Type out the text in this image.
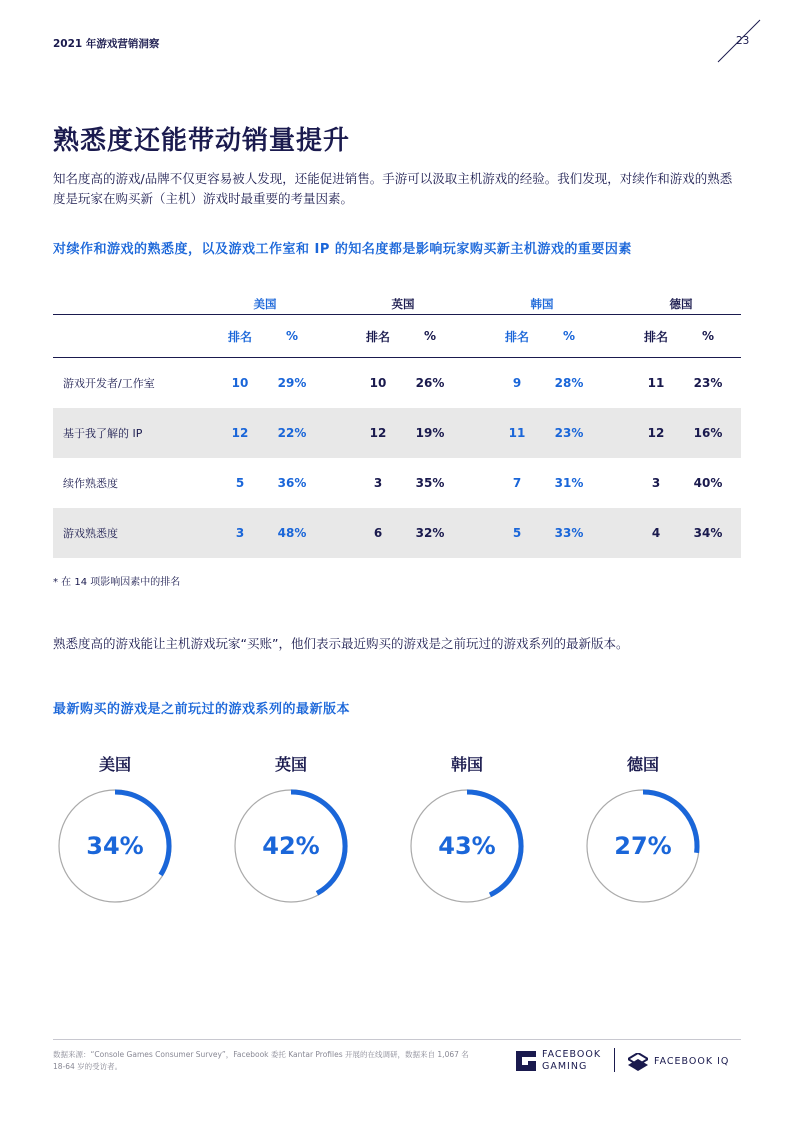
2021 年游戏营销洞察	23
熟悉度还能带动销量提升
知名度高的游戏/品牌不仅更容易被人发现，还能促进销售。手游可以汲取主机游戏的经验。我们发现，对续作和游戏的熟悉度是玩家在购买新（主机）游戏时最重要的考量因素。
对续作和游戏的熟悉度，以及游戏工作室和 IP 的知名度都是影响玩家购买新主机游戏的重要因素
美国	英国	韩国	德国
排名	%	排名	%	排名	%	排名	%
游戏开发者/工作室	10	29%	10	26%	9	28%	11	23%
基于我了解的 IP	12	22%	12	19%	11	23%	12	16%
续作熟悉度	5	36%	3	35%	7	31%	3	40%
游戏熟悉度	3	48%	6	32%	5	33%	4	34%
* 在 14 项影响因素中的排名
熟悉度高的游戏能让主机游戏玩家“买账”，他们表示最近购买的游戏是之前玩过的游戏系列的最新版本。
最新购买的游戏是之前玩过的游戏系列的最新版本
美国
34%
英国
42%
韩国
43%
德国
27%
数据来源：“Console Games Consumer Survey”，Facebook 委托 Kantar Profiles 开展的在线调研，数据来自 1,067 名 18-64 岁的受访者。
FACEBOOK
GAMING	FACEBOOK IQ
